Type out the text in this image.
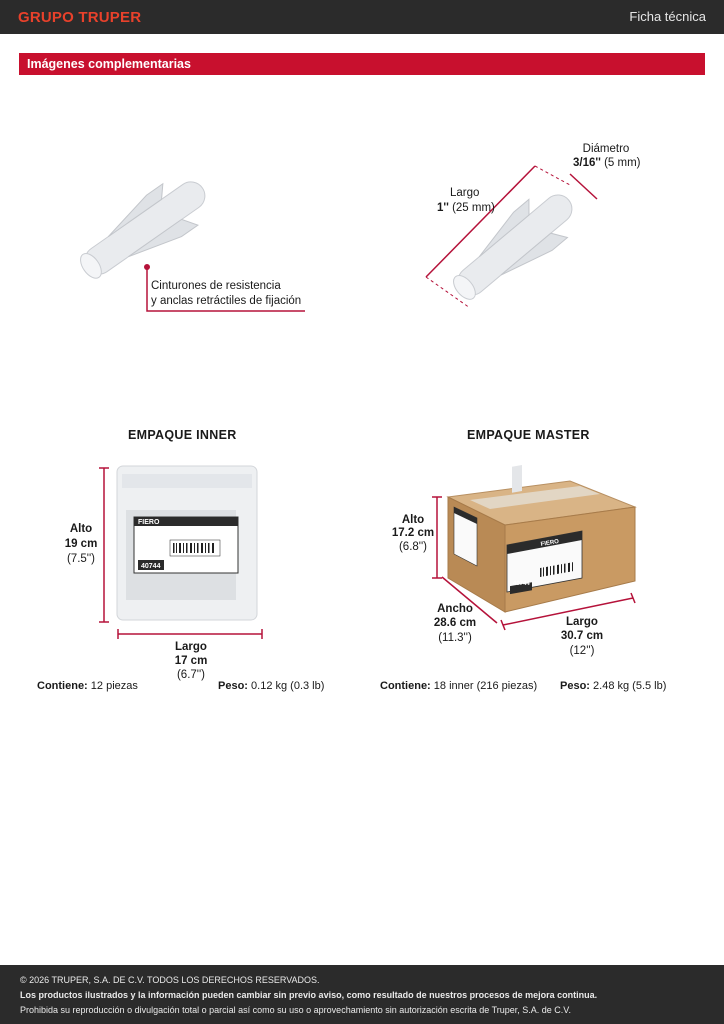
GRUPO TRUPER	Ficha técnica
Imágenes complementarias
Cinturones de resistencia
y anclas retráctiles de fijación
Diámetro
3/16'' (5 mm)
Largo
1'' (25 mm)
EMPAQUE INNER
FIERO
40744
Alto
19 cm
(7.5'')
Largo
17 cm
(6.7'')
Contiene: 12 piezas	Peso: 0.12 kg (0.3 lb)
EMPAQUE MASTER
FIERO
40744
Alto
17.2 cm
(6.8'')
Ancho
28.6 cm
(11.3'')
Largo
30.7 cm
(12'')
Contiene: 18 inner (216 piezas) Peso: 2.48 kg (5.5 lb)
© 2026 TRUPER, S.A. DE C.V. TODOS LOS DERECHOS RESERVADOS.
Los productos ilustrados y la información pueden cambiar sin previo aviso, como resultado de nuestros procesos de mejora continua.
Prohibida su reproducción o divulgación total o parcial así como su uso o aprovechamiento sin autorización escrita de Truper, S.A. de C.V.
